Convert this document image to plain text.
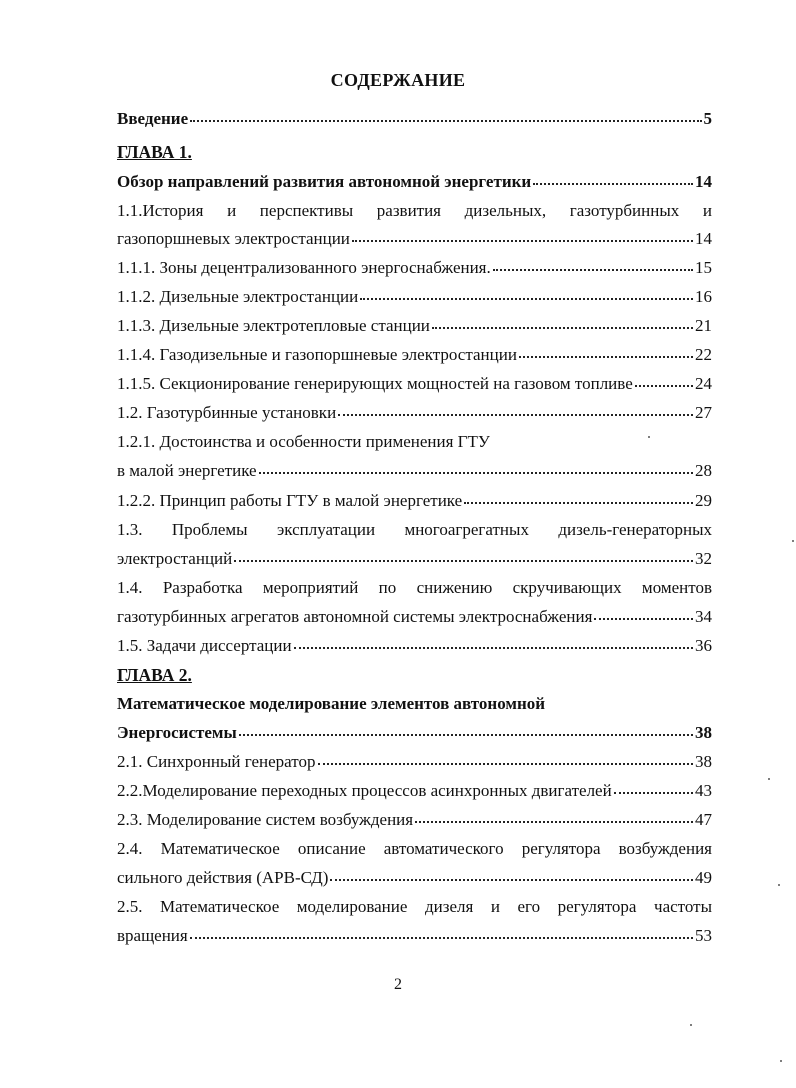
СОДЕРЖАНИЕ
Введение	5
ГЛАВА 1.
Обзор направлений развития автономной энергетики	14
1.1.История и перспективы развития дизельных, газотурбинных и
газопоршневых электростанции	14
1.1.1. Зоны децентрализованного энергоснабжения.	15
1.1.2. Дизельные электростанции	16
1.1.3. Дизельные электротепловые станции	21
1.1.4. Газодизельные и газопоршневые электростанции	22
1.1.5. Секционирование генерирующих мощностей на газовом топливе	24
1.2. Газотурбинные установки	27
1.2.1. Достоинства и особенности применения ГТУ
в малой энергетике	28
1.2.2. Принцип работы ГТУ в малой энергетике	29
1.3. Проблемы эксплуатации многоагрегатных дизель-генераторных
электростанций	32
1.4. Разработка мероприятий по снижению скручивающих моментов
газотурбинных агрегатов автономной системы электроснабжения	34
1.5. Задачи диссертации	36
ГЛАВА 2.
Математическое моделирование элементов автономной
Энергосистемы	38
2.1. Синхронный генератор	38
2.2.Моделирование переходных процессов асинхронных двигателей	43
2.3. Моделирование систем возбуждения	47
2.4. Математическое описание автоматического регулятора возбуждения
сильного действия (АРВ-СД)	49
2.5. Математическое моделирование дизеля и его регулятора частоты
вращения	53
2
